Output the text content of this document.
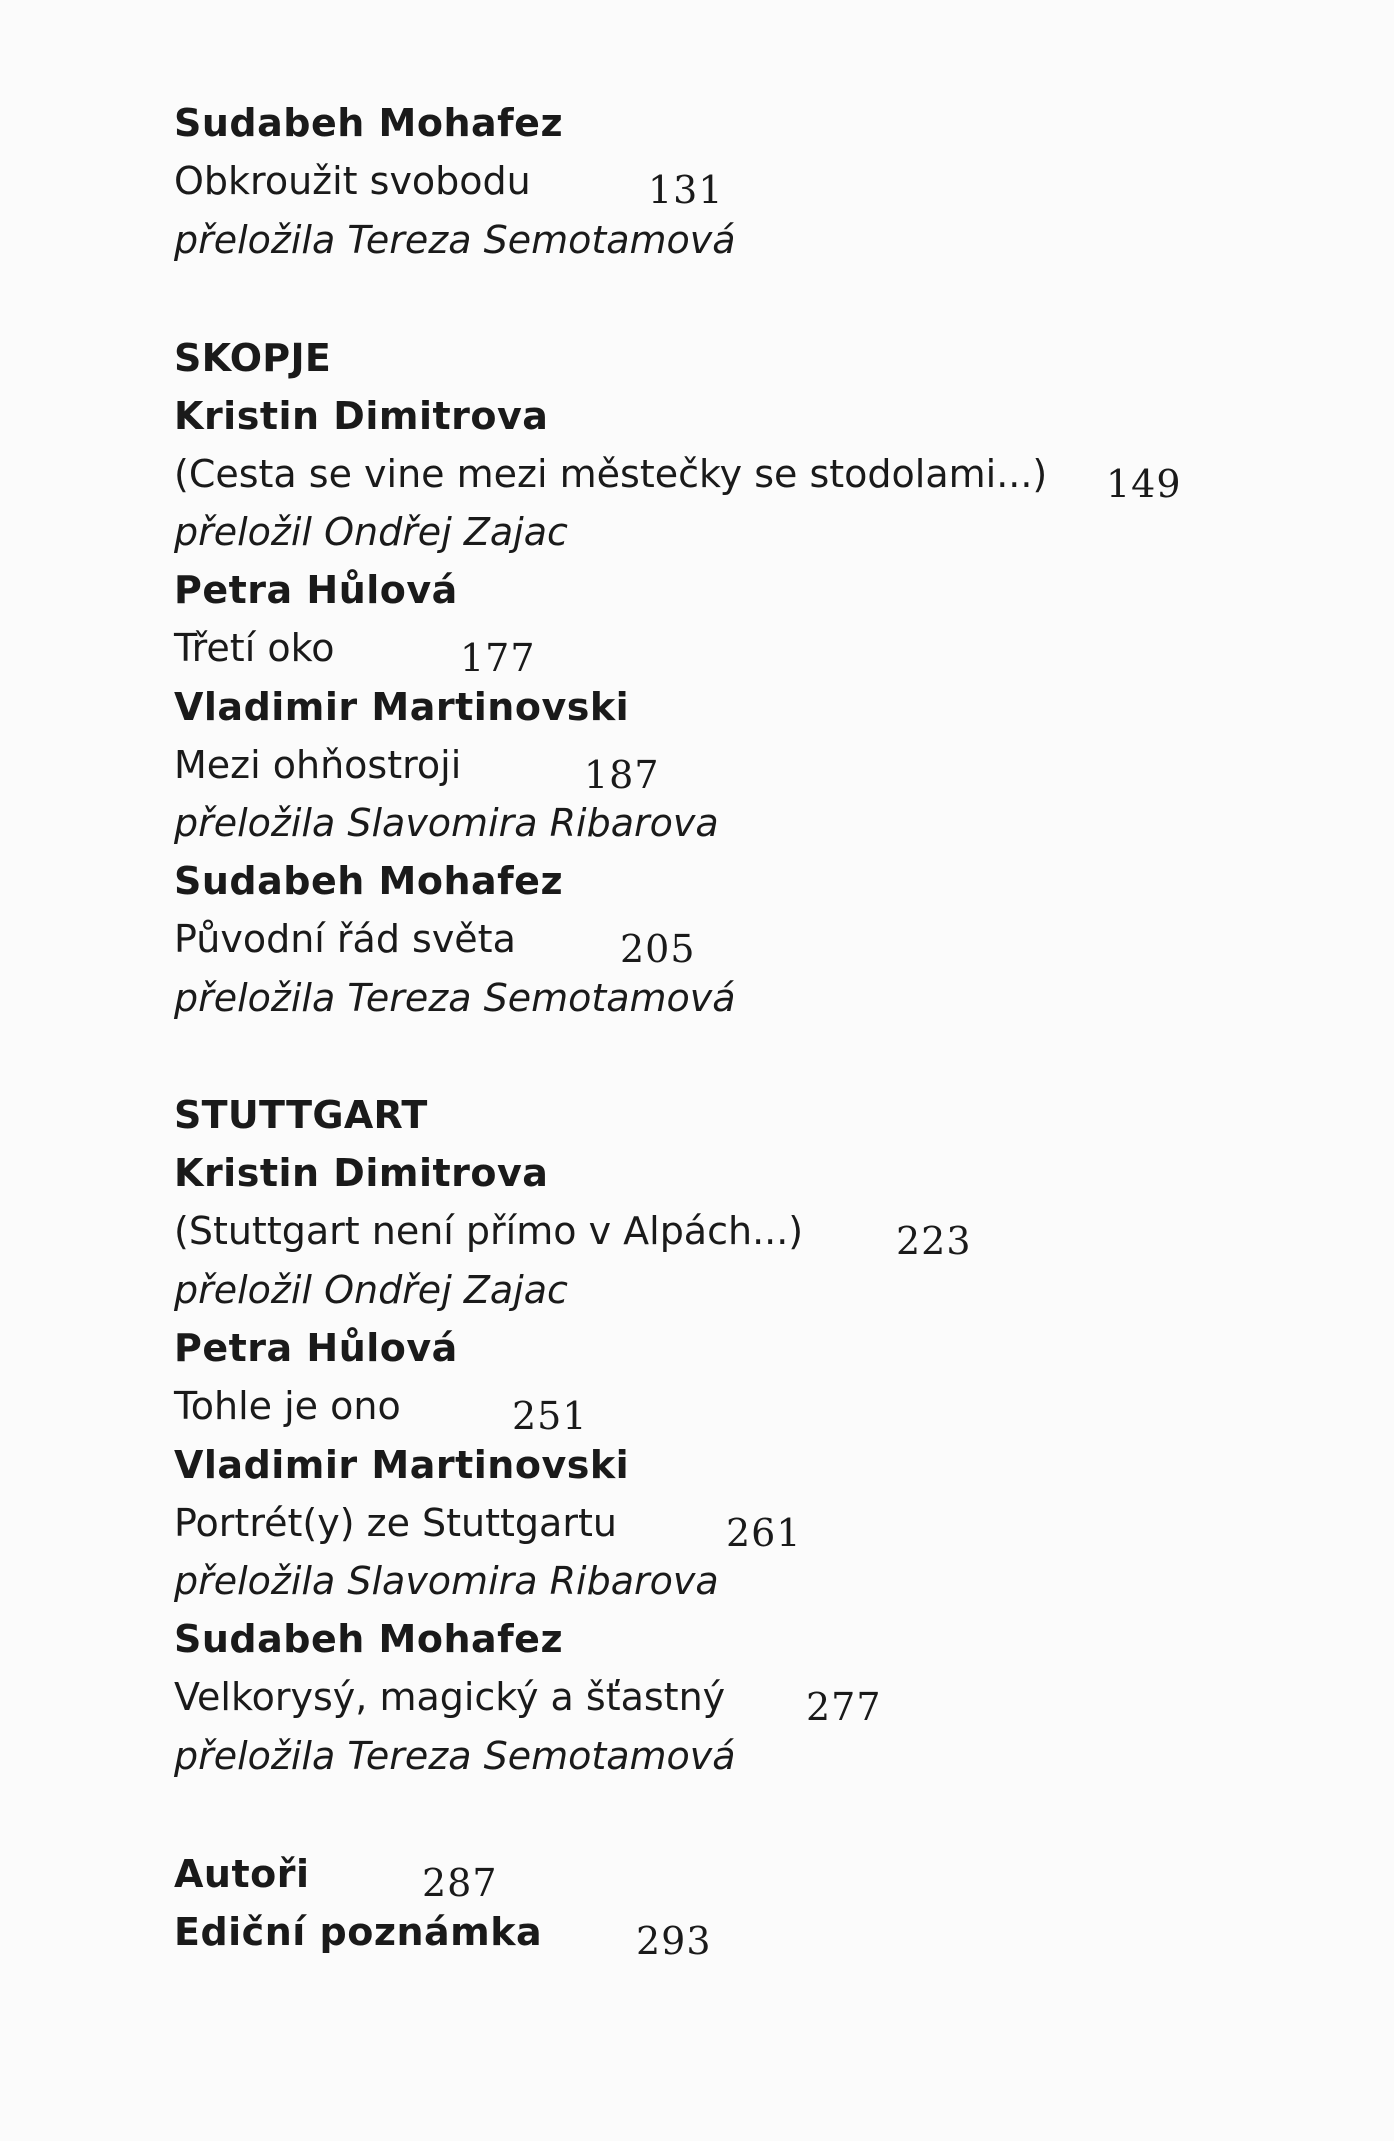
Sudabeh Mohafez
Obkroužit svobodu	131
přeložila Tereza Semotamová
SKOPJE
Kristin Dimitrova
(Cesta se vine mezi městečky se stodolami...) 149
přeložil Ondřej Zajac
Petra Hůlová
Třetí oko	177
Vladimir Martinovski
Mezi ohňostroji	187
přeložila Slavomira Ribarova
Sudabeh Mohafez
Původní řád světa	205
přeložila Tereza Semotamová
STUTTGART
Kristin Dimitrova
(Stuttgart není přímo v Alpách...) 223
přeložil Ondřej Zajac
Petra Hůlová
Tohle je ono	251
Vladimir Martinovski
Portrét(y) ze Stuttgartu	261
přeložila Slavomira Ribarova
Sudabeh Mohafez
Velkorysý, magický a šťastný 277
přeložila Tereza Semotamová
Autoři	287
Ediční poznámka 293
